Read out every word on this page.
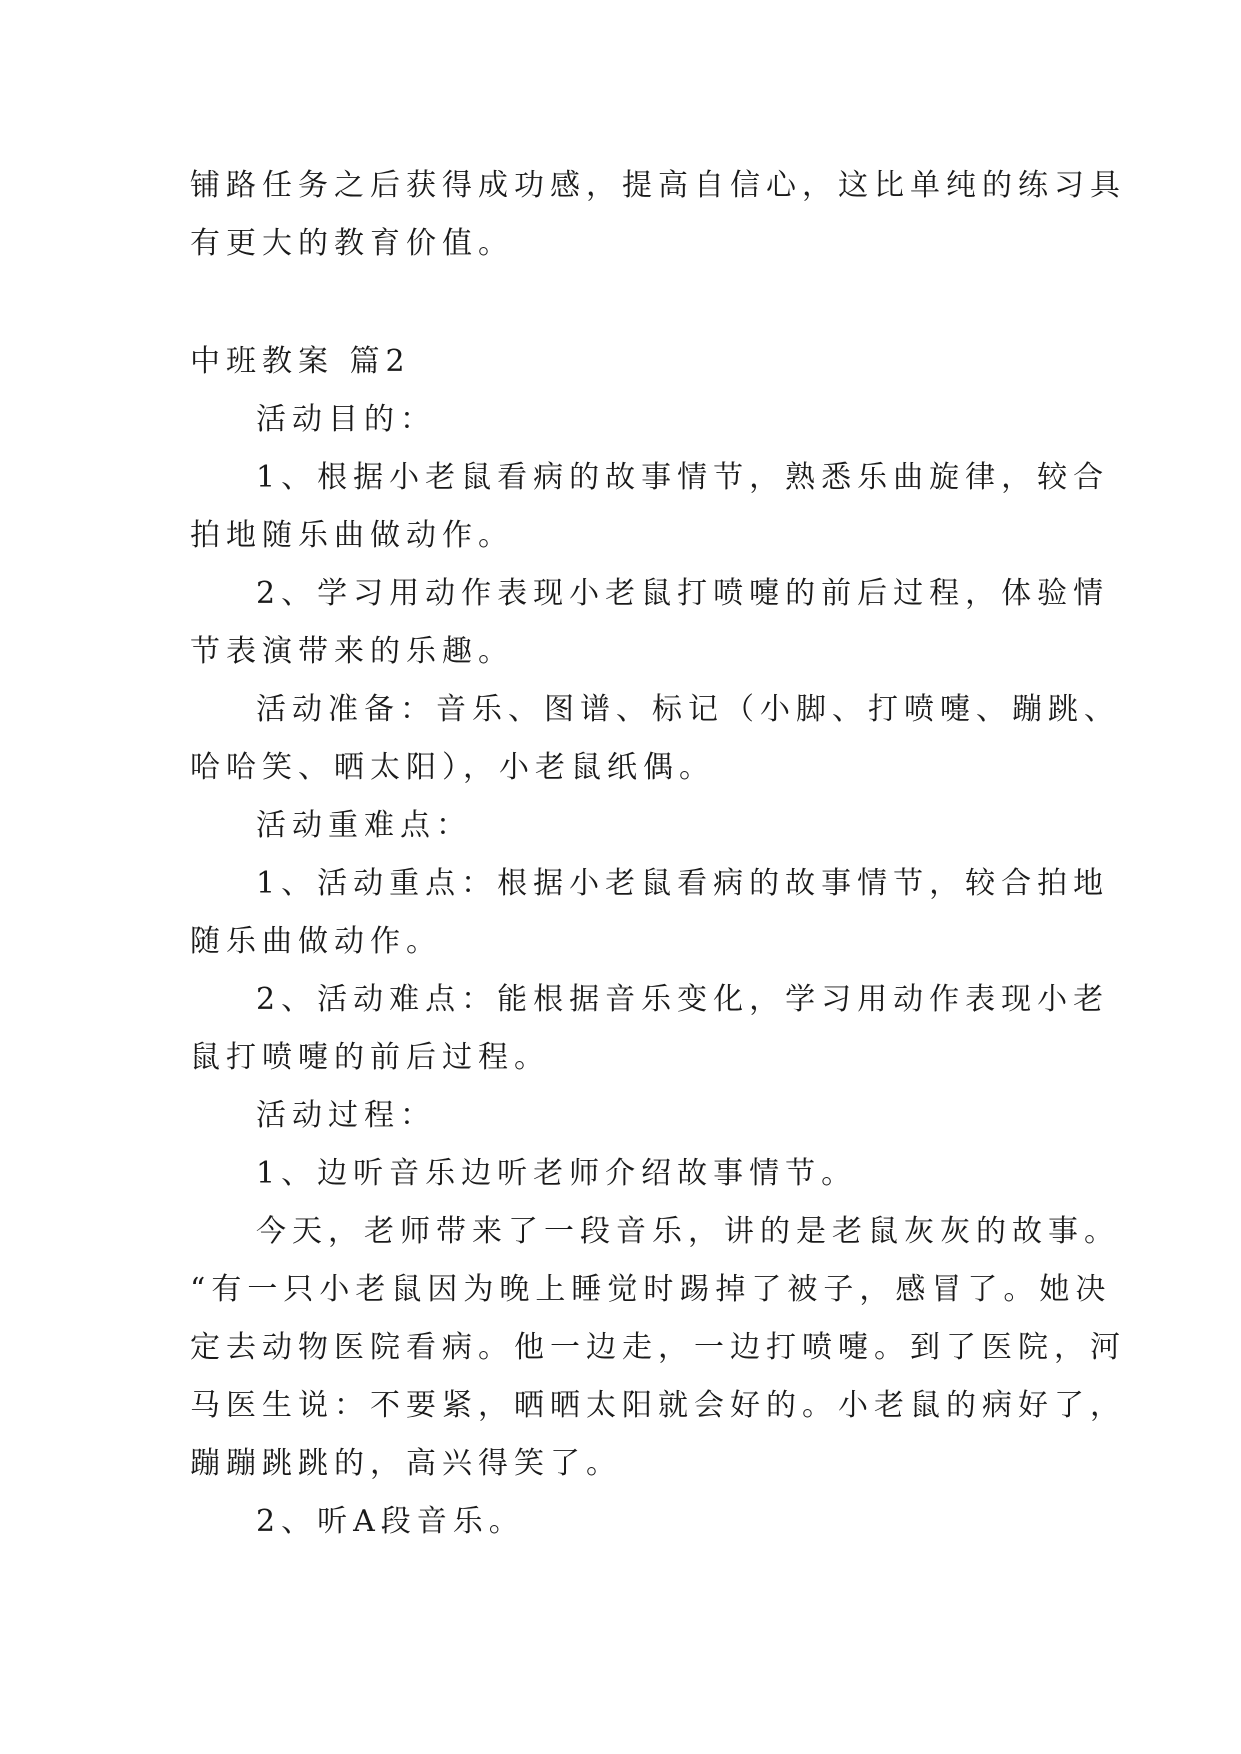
铺路任务之后获得成功感，提高自信心，这比单纯的练习具
有更大的教育价值。
中班教案 篇2
活动目的：
1、根据小老鼠看病的故事情节，熟悉乐曲旋律，较合
拍地随乐曲做动作。
2、学习用动作表现小老鼠打喷嚏的前后过程，体验情
节表演带来的乐趣。
活动准备：音乐、图谱、标记（小脚、打喷嚏、蹦跳、
哈哈笑、晒太阳），小老鼠纸偶。
活动重难点：
1、活动重点：根据小老鼠看病的故事情节，较合拍地
随乐曲做动作。
2、活动难点：能根据音乐变化，学习用动作表现小老
鼠打喷嚏的前后过程。
活动过程：
1、边听音乐边听老师介绍故事情节。
今天，老师带来了一段音乐，讲的是老鼠灰灰的故事。
“有一只小老鼠因为晚上睡觉时踢掉了被子，感冒了。她决
定去动物医院看病。他一边走，一边打喷嚏。到了医院，河
马医生说：不要紧，晒晒太阳就会好的。小老鼠的病好了，
蹦蹦跳跳的，高兴得笑了。
2、听A段音乐。
